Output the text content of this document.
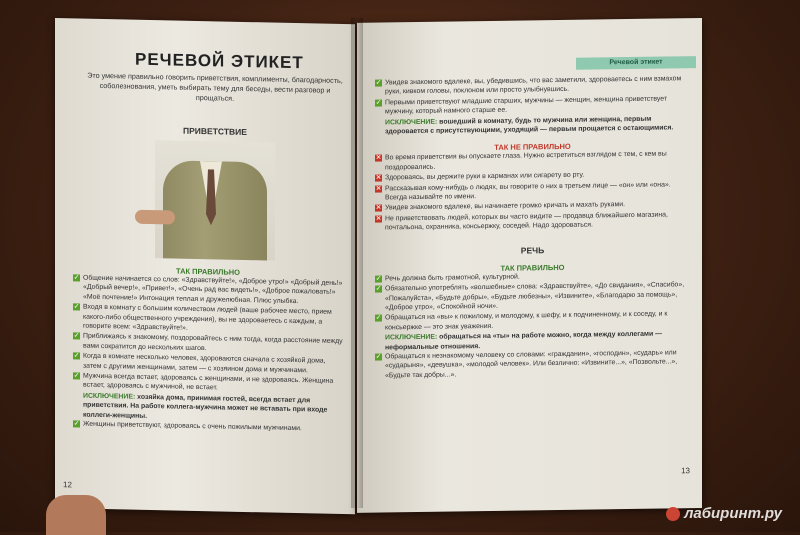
РЕЧЕВОЙ ЭТИКЕТ
Это умение правильно говорить приветствия, комплименты, благодарность, соболезнования, уметь выбирать тему для беседы, вести разговор и прощаться.
ПРИВЕТСТВИЕ
ТАК ПРАВИЛЬНО
✓ Общение начинается со слов: «Здравствуйте!», «Доброе утро!» «Добрый день!» «Добрый вечер!», «Привет!», «Очень рад вас видеть!», «Доброе пожаловать!» «Моё почтение!» Интонация теплая и дружелюбная. Плюс улыбка.
✓ Входя в комнату с большим количеством людей (ваше рабочее место, прием какого-либо общественного учреждения), вы не здороваетесь с каждым, а говорите всем: «Здравствуйте!».
✓ Приближаясь к знакомому, поздоровайтесь с ним тогда, когда расстояние между вами сократится до нескольких шагов.
✓ Когда в комнате несколько человек, здороваются сначала с хозяйкой дома, затем с другими женщинами, затем — с хозяином дома и мужчинами.
✓ Мужчина всегда встает, здороваясь с женщинами, и не здороваясь. Женщина встает, здороваясь с мужчиной, не встает.
ИСКЛЮЧЕНИЕ: хозяйка дома, принимая гостей, всегда встает для приветствия. На работе коллега-мужчина может не вставать при входе коллеги-женщины.
✓ Женщины приветствуют, здороваясь с очень пожилыми мужчинами.
12
Речевой этикет
✓ Увидев знакомого вдалеке, вы, убедившись, что вас заметили, здороваетесь с ним взмахом руки, кивком головы, поклоном или просто улыбнувшись.
✓ Первыми приветствуют младшие старших, мужчины — женщин, женщина приветствует мужчину, который намного старше ее.
ИСКЛЮЧЕНИЕ: вошедший в комнату, будь то мужчина или женщина, первым здоровается с присутствующими, уходящий — первым прощается с остающимися.
ТАК НЕ ПРАВИЛЬНО
✕ Во время приветствия вы опускаете глаза. Нужно встретиться взглядом с тем, с кем вы поздоровались.
✕ Здороваясь, вы держите руки в карманах или сигарету во рту.
✕ Рассказывая кому-нибудь о людях, вы говорите о них в третьем лице — «он» или «она». Всегда называйте по имени.
✕ Увидев знакомого вдалеке, вы начинаете громко кричать и махать руками.
✕ Не приветствовать людей, которых вы часто видите — продавца ближайшего магазина, почтальона, охранника, консьержку, соседей. Надо здороваться.
РЕЧЬ
ТАК ПРАВИЛЬНО
✓ Речь должна быть грамотной, культурной.
✓ Обязательно употреблять «волшебные» слова: «Здравствуйте», «До свидания», «Спасибо», «Пожалуйста», «Будьте добры», «Будьте любезны», «Извините», «Благодарю за помощь», «Доброе утро», «Спокойной ночи».
✓ Обращаться на «вы» к пожилому, и молодому, к шефу, и к подчиненному, и к соседу, и к консьержке — это знак уважения.
ИСКЛЮЧЕНИЕ: обращаться на «ты» на работе можно, когда между коллегами — неформальные отношения.
✓ Обращаться к незнакомому человеку со словами: «гражданин», «господин», «сударь» или «сударыня», «девушка», «молодой человек». Или безлично: «Извините...», «Позвольте...», «Будьте так добры...».
13
лабиринт.ру
